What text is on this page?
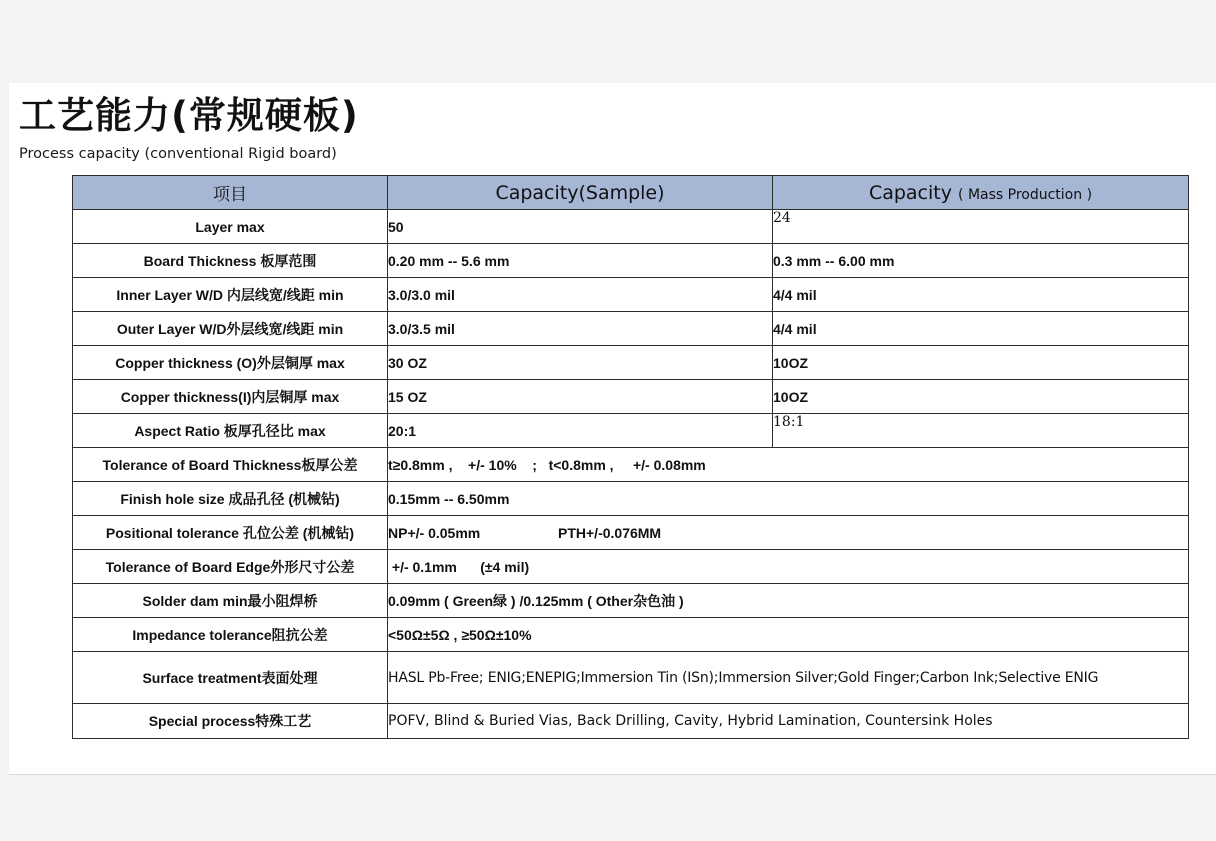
工艺能力(常规硬板)
Process capacity (conventional Rigid board)
项目	Capacity(Sample)	Capacity ( Mass Production )
Layer max	50	24
Board Thickness 板厚范围	0.20 mm -- 5.6 mm	0.3 mm -- 6.00 mm
Inner Layer W/D 内层线宽/线距 min	3.0/3.0 mil	4/4 mil
Outer Layer W/D外层线宽/线距 min	3.0/3.5 mil	4/4 mil
Copper thickness (O)外层铜厚 max	30 OZ	10OZ
Copper thickness(I)内层铜厚 max	15 OZ	10OZ
Aspect Ratio 板厚孔径比 max	20:1	18:1
Tolerance of Board Thickness板厚公差	t≥0.8mm ,    +/- 10%    ;   t<0.8mm ,     +/- 0.08mm	
Finish hole size 成品孔径 (机械钻)	0.15mm -- 6.50mm	
Positional tolerance 孔位公差 (机械钻)	NP+/- 0.05mm                    PTH+/-0.076MM	
Tolerance of Board Edge外形尺寸公差	+/- 0.1mm      (±4 mil)	
Solder dam min最小阻焊桥	0.09mm ( Green绿 ) /0.125mm ( Other杂色油 )	
Impedance tolerance阻抗公差	<50Ω±5Ω , ≥50Ω±10%	
Surface treatment表面处理	HASL Pb-Free; ENIG;ENEPIG;Immersion Tin (ISn);Immersion Silver;Gold Finger;Carbon Ink;Selective ENIG	
Special process特殊工艺	POFV, Blind & Buried Vias, Back Drilling, Cavity, Hybrid Lamination, Countersink Holes	
